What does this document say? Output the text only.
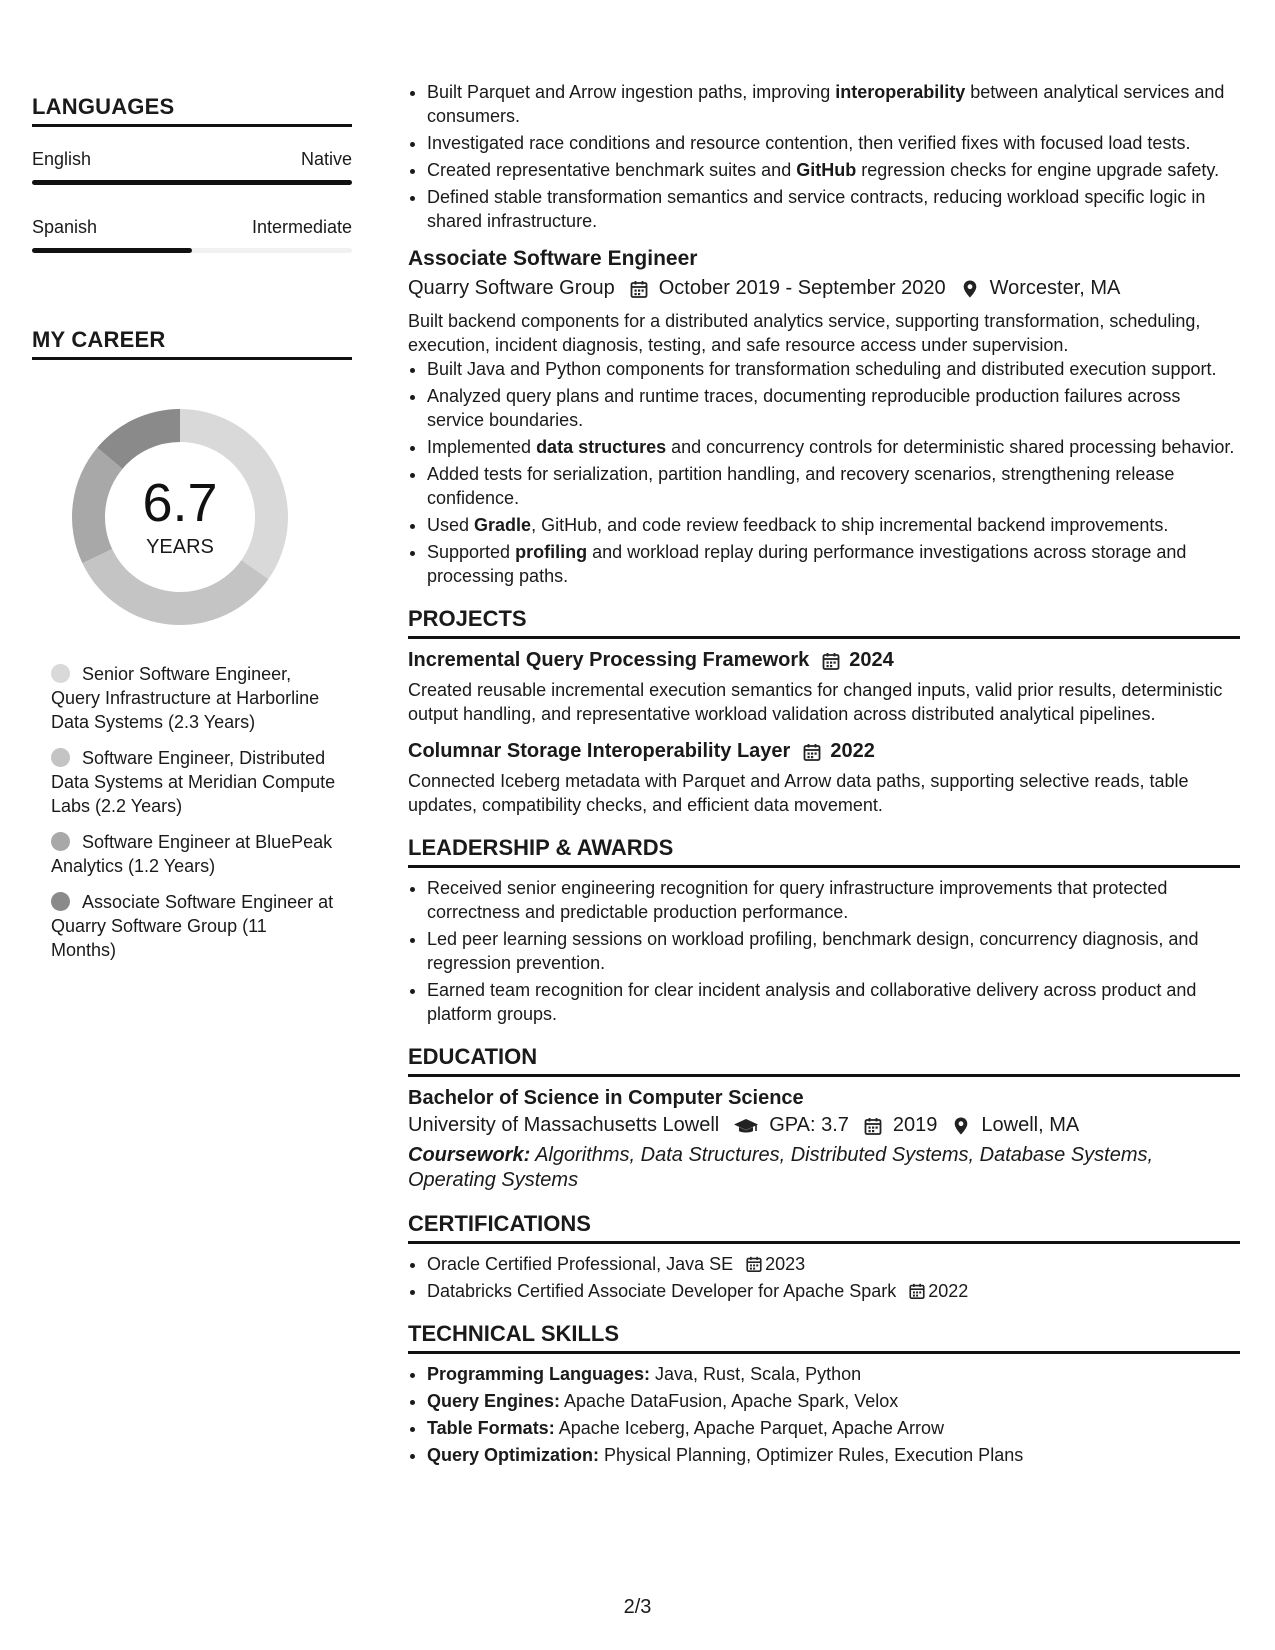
LANGUAGES
English	Native
Spanish	Intermediate
MY CAREER
6.7
YEARS
Senior Software Engineer, Query Infrastructure at Harborline Data Systems (2.3 Years)
Software Engineer, Distributed Data Systems at Meridian Compute Labs (2.2 Years)
Software Engineer at BluePeak Analytics (1.2 Years)
Associate Software Engineer at Quarry Software Group (11 Months)
• Built Parquet and Arrow ingestion paths, improving interoperability between analytical services and consumers.
• Investigated race conditions and resource contention, then verified fixes with focused load tests.
• Created representative benchmark suites and GitHub regression checks for engine upgrade safety.
• Defined stable transformation semantics and service contracts, reducing workload specific logic in shared infrastructure.
Associate Software Engineer
Quarry Software Group October 2019 - September 2020 Worcester, MA
Built backend components for a distributed analytics service, supporting transformation, scheduling, execution, incident diagnosis, testing, and safe resource access under supervision.
• Built Java and Python components for transformation scheduling and distributed execution support.
• Analyzed query plans and runtime traces, documenting reproducible production failures across service boundaries.
• Implemented data structures and concurrency controls for deterministic shared processing behavior.
• Added tests for serialization, partition handling, and recovery scenarios, strengthening release confidence.
• Used Gradle, GitHub, and code review feedback to ship incremental backend improvements.
• Supported profiling and workload replay during performance investigations across storage and processing paths.
PROJECTS
Incremental Query Processing Framework 2024
Created reusable incremental execution semantics for changed inputs, valid prior results, deterministic output handling, and representative workload validation across distributed analytical pipelines.
Columnar Storage Interoperability Layer 2022
Connected Iceberg metadata with Parquet and Arrow data paths, supporting selective reads, table updates, compatibility checks, and efficient data movement.
LEADERSHIP & AWARDS
• Received senior engineering recognition for query infrastructure improvements that protected correctness and predictable production performance.
• Led peer learning sessions on workload profiling, benchmark design, concurrency diagnosis, and regression prevention.
• Earned team recognition for clear incident analysis and collaborative delivery across product and platform groups.
EDUCATION
Bachelor of Science in Computer Science
University of Massachusetts Lowell	GPA: 3.7 2019 Lowell, MA
Coursework: Algorithms, Data Structures, Distributed Systems, Database Systems, Operating Systems
CERTIFICATIONS
• Oracle Certified Professional, Java SE 2023
• Databricks Certified Associate Developer for Apache Spark 2022
TECHNICAL SKILLS
• Programming Languages: Java, Rust, Scala, Python
• Query Engines: Apache DataFusion, Apache Spark, Velox
• Table Formats: Apache Iceberg, Apache Parquet, Apache Arrow
• Query Optimization: Physical Planning, Optimizer Rules, Execution Plans
2/3
